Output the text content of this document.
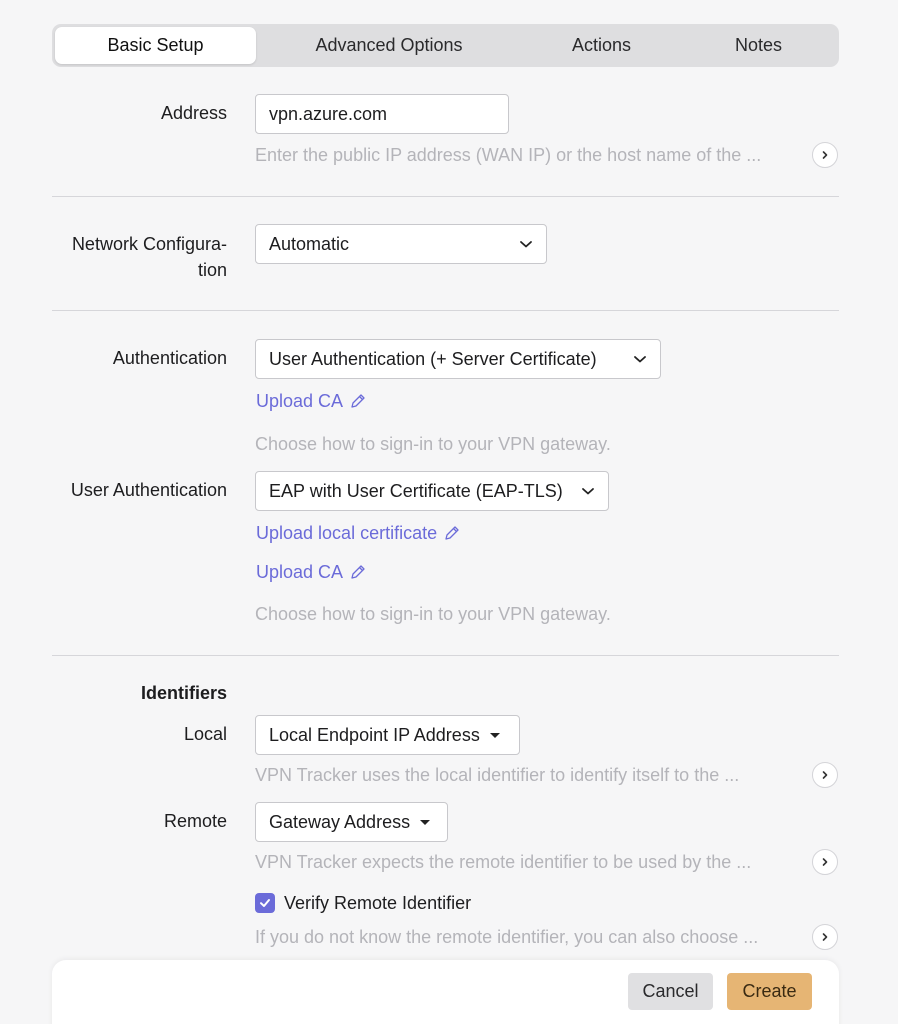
Basic Setup	Advanced Options	Actions	Notes
Address vpn.azure.com
Enter the public IP address (WAN IP) or the host name of the ...
Network Configura-
tion
Automatic
Authentication User Authentication (+ Server Certificate)
Upload CA
Choose how to sign-in to your VPN gateway.
User Authentication EAP with User Certificate (EAP-TLS)
Upload local certificate
Upload CA
Choose how to sign-in to your VPN gateway.
Identifiers
Local Local Endpoint IP Address
VPN Tracker uses the local identifier to identify itself to the ...
Remote Gateway Address
VPN Tracker expects the remote identifier to be used by the ...
Verify Remote Identifier
If you do not know the remote identifier, you can also choose ...
Cancel	Create
